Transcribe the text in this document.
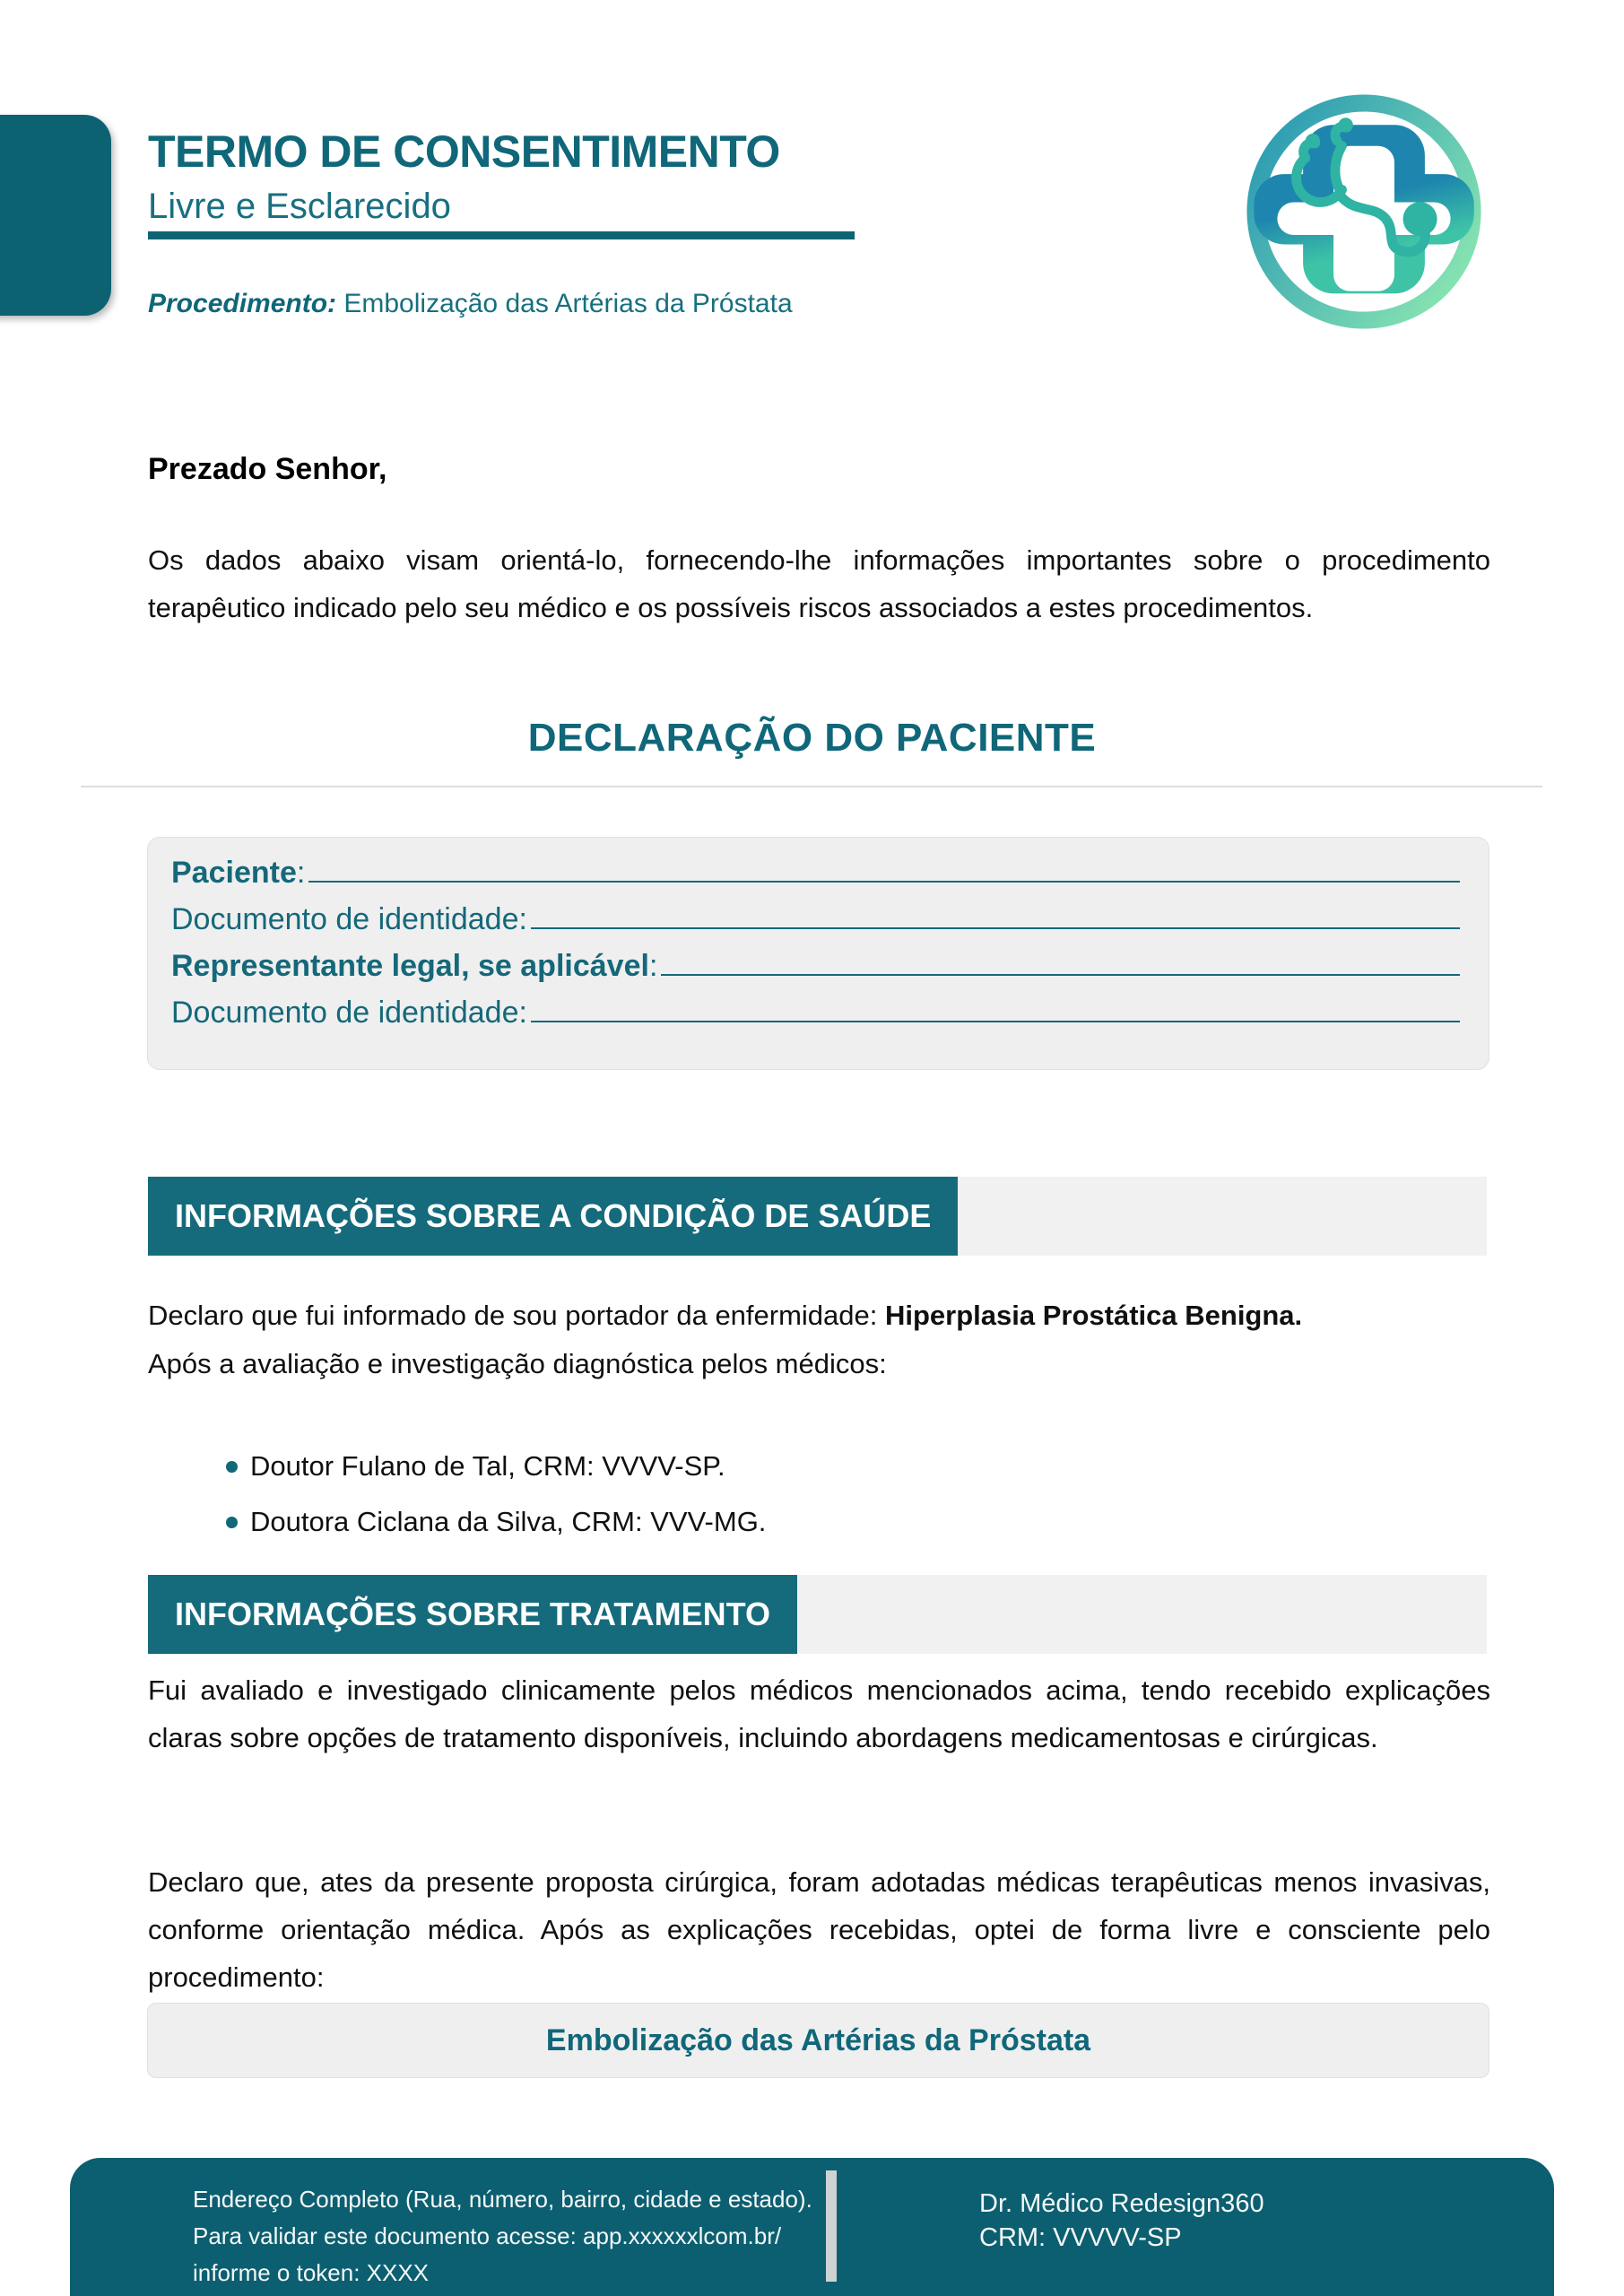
TERMO DE CONSENTIMENTO
Livre e Esclarecido
Procedimento: Embolização das Artérias da Próstata
Prezado Senhor,
Os dados abaixo visam orientá-lo, fornecendo-lhe informações importantes sobre o procedimento terapêutico indicado pelo seu médico e os possíveis riscos associados a estes procedimentos.
DECLARAÇÃO DO PACIENTE
Paciente:
Documento de identidade:
Representante legal, se aplicável:
Documento de identidade:
INFORMAÇÕES SOBRE A CONDIÇÃO DE SAÚDE
Declaro que fui informado de sou portador da enfermidade: Hiperplasia Prostática Benigna.
Após a avaliação e investigação diagnóstica pelos médicos:
Doutor Fulano de Tal, CRM: VVVV-SP.
Doutora Ciclana da Silva, CRM: VVV-MG.
INFORMAÇÕES SOBRE TRATAMENTO
Fui avaliado e investigado clinicamente pelos médicos mencionados acima, tendo recebido explicações claras sobre opções de tratamento disponíveis, incluindo abordagens medicamentosas e cirúrgicas.
Declaro que, ates da presente proposta cirúrgica, foram adotadas médicas terapêuticas menos invasivas, conforme orientação médica. Após as explicações recebidas, optei de forma livre e consciente pelo procedimento:
Embolização das Artérias da Próstata
Endereço Completo (Rua, número, bairro, cidade e estado).
Para validar este documento acesse: app.xxxxxxlcom.br/
informe o token: XXXX
Dr. Médico Redesign360
CRM: VVVVV-SP
